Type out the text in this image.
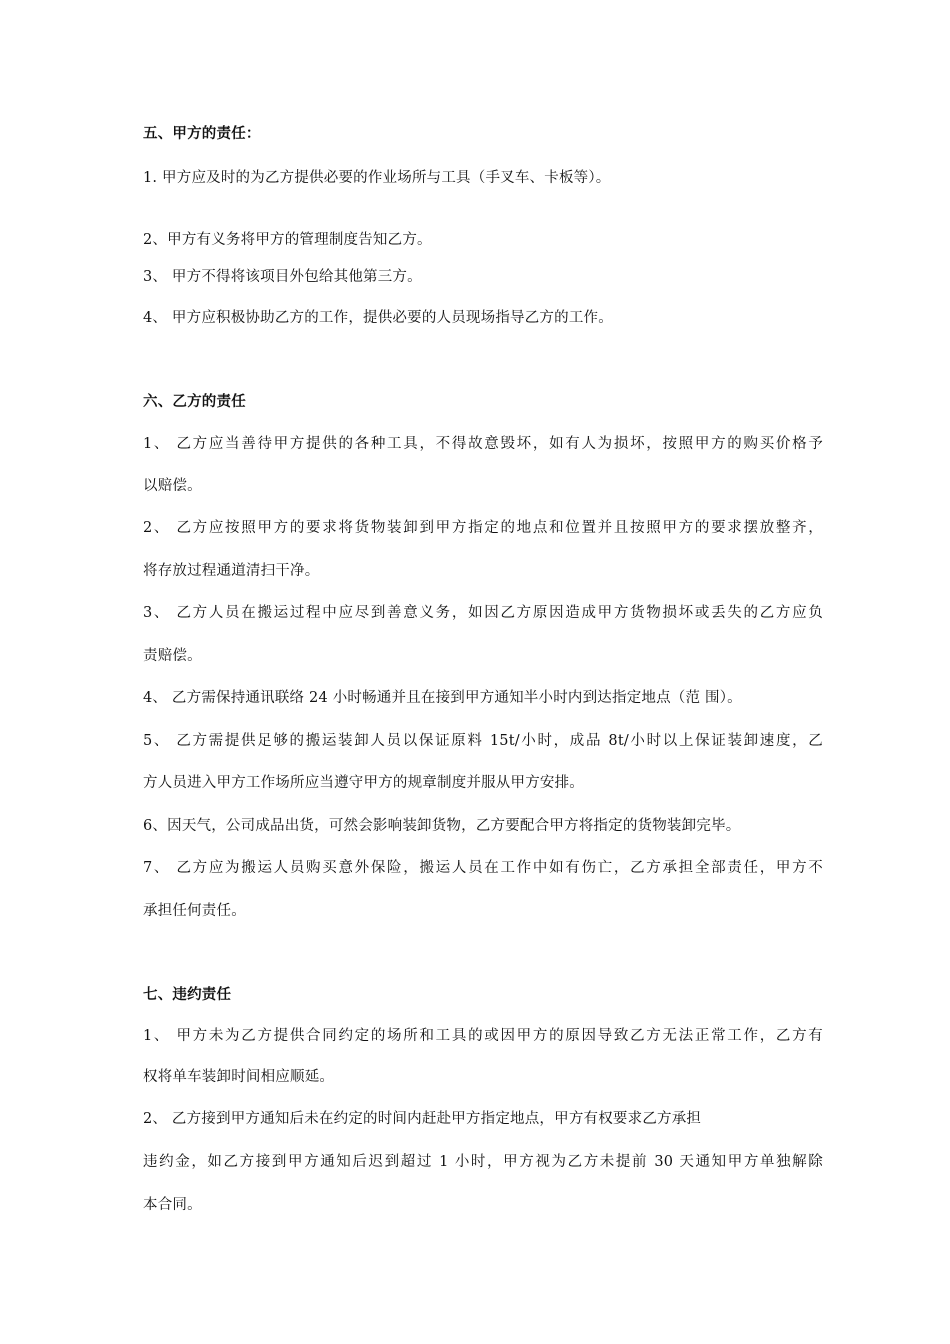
五、甲方的责任：
1. 甲方应及时的为乙方提供必要的作业场所与工具（手叉车、卡板等）。
2、甲方有义务将甲方的管理制度告知乙方。
3、 甲方不得将该项目外包给其他第三方。
4、 甲方应积极协助乙方的工作，提供必要的人员现场指导乙方的工作。
六、乙方的责任
1、 乙方应当善待甲方提供的各种工具，不得故意毁坏，如有人为损坏，按照甲方的购买价格予
以赔偿。
2、 乙方应按照甲方的要求将货物装卸到甲方指定的地点和位置并且按照甲方的要求摆放整齐，
将存放过程通道清扫干净。
3、 乙方人员在搬运过程中应尽到善意义务，如因乙方原因造成甲方货物损坏或丢失的乙方应负
责赔偿。
4、 乙方需保持通讯联络 24 小时畅通并且在接到甲方通知半小时内到达指定地点（范 围）。
5、 乙方需提供足够的搬运装卸人员以保证原料 15t/小时，成品 8t/小时以上保证装卸速度，乙
方人员进入甲方工作场所应当遵守甲方的规章制度并服从甲方安排。
6、因天气，公司成品出货，可然会影响装卸货物，乙方要配合甲方将指定的货物装卸完毕。
7、 乙方应为搬运人员购买意外保险，搬运人员在工作中如有伤亡，乙方承担全部责任，甲方不
承担任何责任。
七、违约责任
1、 甲方未为乙方提供合同约定的场所和工具的或因甲方的原因导致乙方无法正常工作，乙方有
权将单车装卸时间相应顺延。
2、 乙方接到甲方通知后未在约定的时间内赶赴甲方指定地点，甲方有权要求乙方承担
违约金，如乙方接到甲方通知后迟到超过 1 小时，甲方视为乙方未提前 30 天通知甲方单独解除
本合同。
